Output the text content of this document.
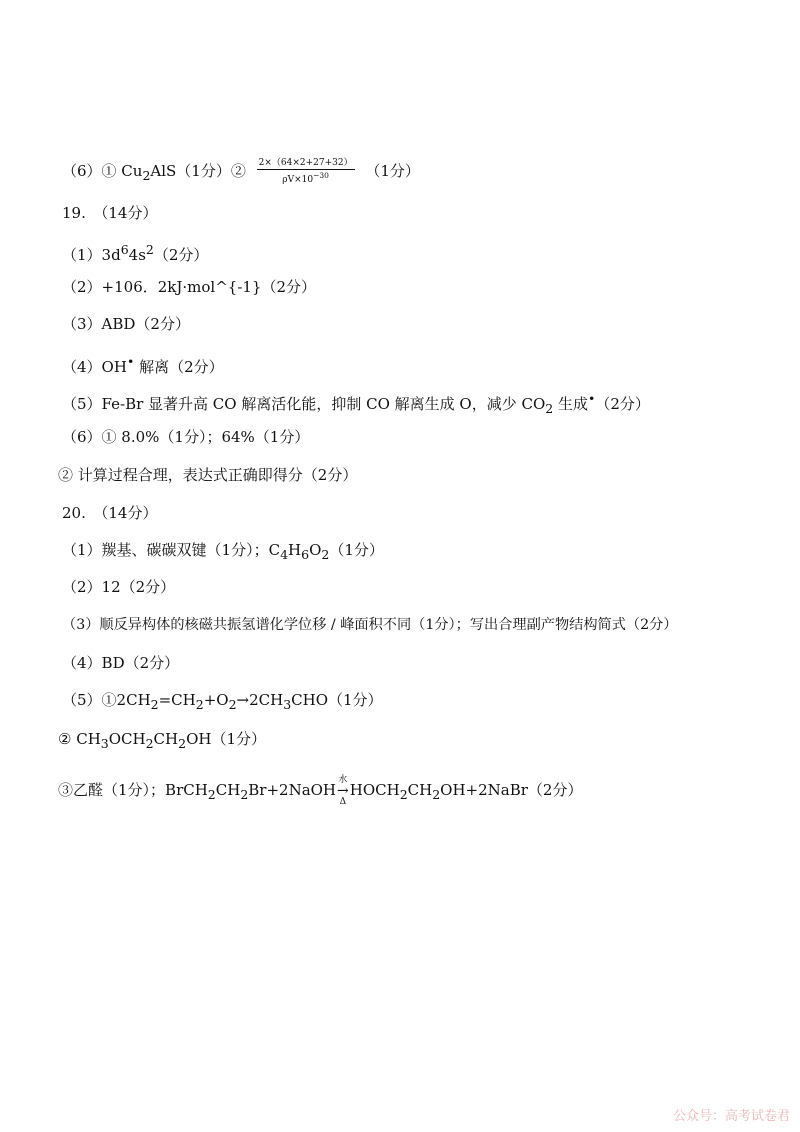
（6）① $Cu_2AlS(1$分）② $\frac{2\times(64\times 2+27+32)}{\rho V\times 10^{-30}} (1$分）
19.　（14分）
$(1)3d^64s^2(2$分）
（2）+106．2kJ·mol^{-1}（2分）
（3）ABD（2分）
（4）OH• 解离（2分）
（5）Fe-Br 显著升高 CO 解离活化能，抑制 CO 解离生成 O，减少 $CO_2$ 生成•（2分）
（6）① 8.0%（1分）；64%（1分）
② 计算过程合理，表达式正确即得分（2分）
20.　（14分）
（1）羰基、碳碳双键（1分）；$C_4H_6O_2(1$分）
（2）12（2分）
（3）顺反异构体的核磁共振氢谱化学位移 / 峰面积不同（1分）；写出合理副产物结构简式（2分）
（4）BD（2分）
$(5)①2CH_2=CH_2+O_2\to 2CH_3CHO(1$分）
② $CH_3OCH_2CH_2OH(1$分）
③乙醛（1分）；$BrCH_2CH_2Br+2NaOH$
水
→
Δ
$HOCH_2CH_2OH+2NaBr(2$分）
公众号：高考试卷君
